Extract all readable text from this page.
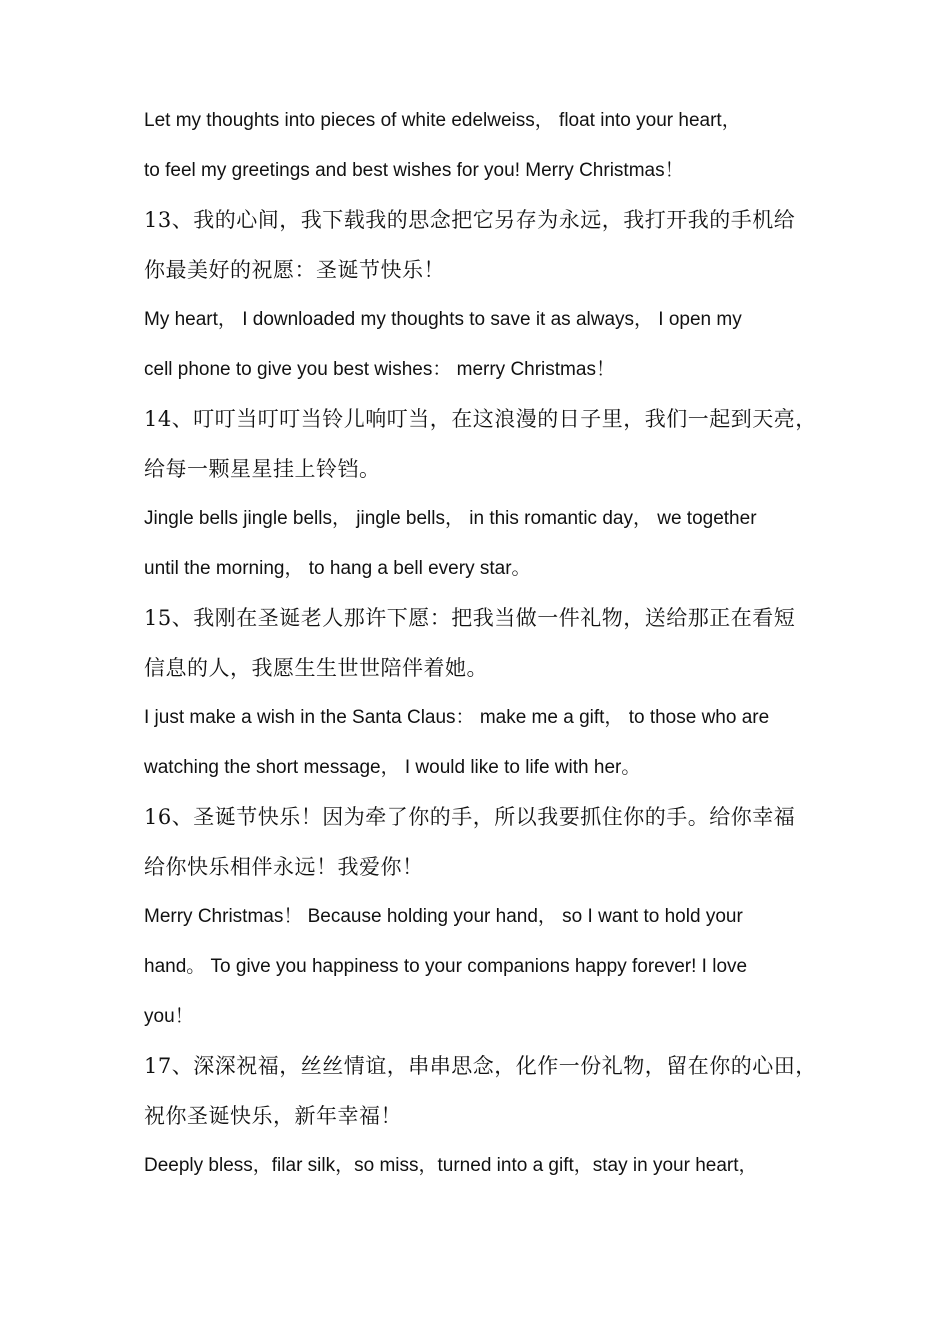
Let my thoughts into pieces of white edelweiss， float into your heart，
to feel my greetings and best wishes for you! Merry Christmas！
13、我的心间，我下载我的思念把它另存为永远，我打开我的手机给
你最美好的祝愿：圣诞节快乐！
My heart， I downloaded my thoughts to save it as always， I open my
cell phone to give you best wishes： merry Christmas！
14、叮叮当叮叮当铃儿响叮当，在这浪漫的日子里，我们一起到天亮，
给每一颗星星挂上铃铛。
Jingle bells jingle bells， jingle bells， in this romantic day， we together
until the morning， to hang a bell every star。
15、我刚在圣诞老人那许下愿：把我当做一件礼物，送给那正在看短
信息的人，我愿生生世世陪伴着她。
I just make a wish in the Santa Claus： make me a gift， to those who are
watching the short message， I would like to life with her。
16、圣诞节快乐！因为牵了你的手，所以我要抓住你的手。给你幸福
给你快乐相伴永远！我爱你！
Merry Christmas！ Because holding your hand， so I want to hold your
hand。 To give you happiness to your companions happy forever! I love
you！
17、深深祝福，丝丝情谊，串串思念，化作一份礼物，留在你的心田，
祝你圣诞快乐，新年幸福！
Deeply bless，filar silk，so miss，turned into a gift，stay in your heart，
